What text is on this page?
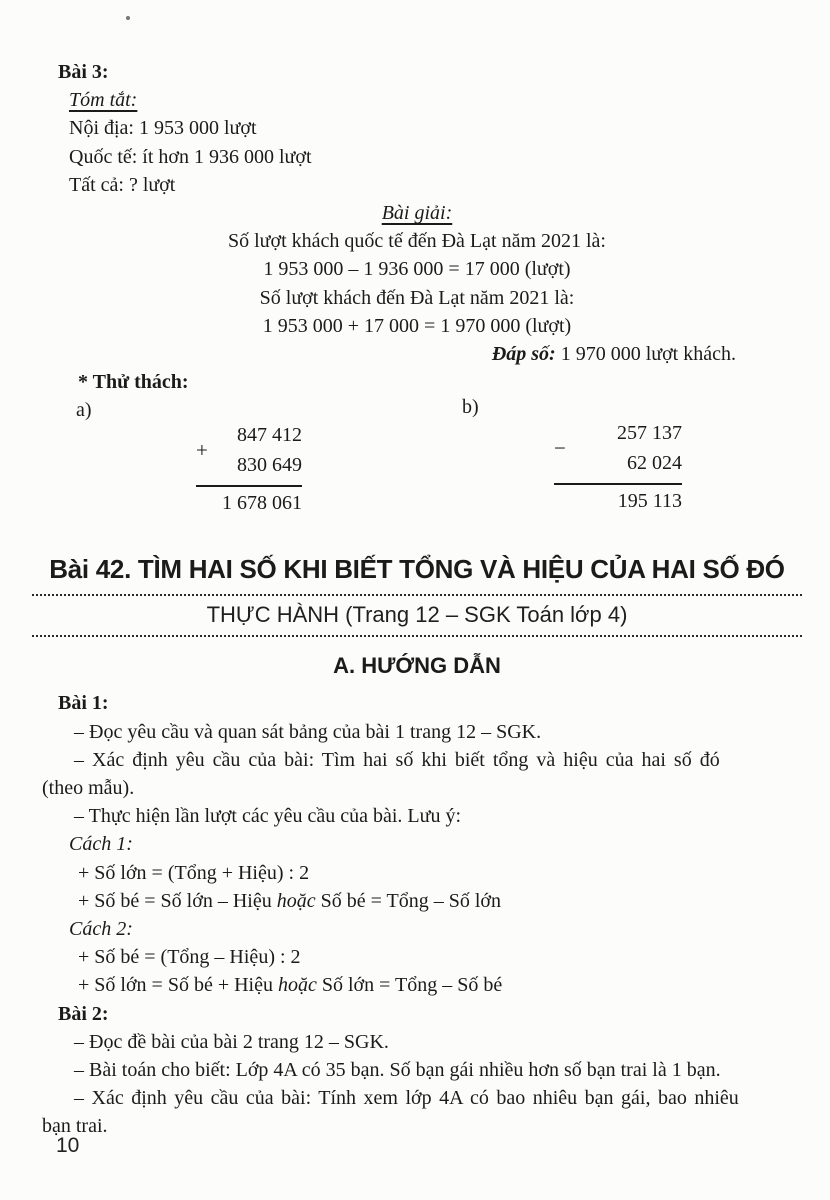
Bài 3:
Tóm tắt:
Nội địa: 1 953 000 lượt
Quốc tế: ít hơn 1 936 000 lượt
Tất cả: ? lượt
Bài giải:
Số lượt khách quốc tế đến Đà Lạt năm 2021 là:
1 953 000 – 1 936 000 = 17 000 (lượt)
Số lượt khách đến Đà Lạt năm 2021 là:
1 953 000 + 17 000 = 1 970 000 (lượt)
Đáp số: 1 970 000 lượt khách.
* Thử thách:
a)
+
847 412
830 649
1 678 061
b)
−
257 137
62 024
195 113
Bài 42. TÌM HAI SỐ KHI BIẾT TỔNG VÀ HIỆU CỦA HAI SỐ ĐÓ
THỰC HÀNH (Trang 12 – SGK Toán lớp 4)
A. HƯỚNG DẪN
Bài 1:

– Đọc yêu cầu và quan sát bảng của bài 1 trang 12 – SGK.

– Xác định yêu cầu của bài: Tìm hai số khi biết tổng và hiệu của hai số đó
(theo mẫu).

– Thực hiện lần lượt các yêu cầu của bài. Lưu ý:

Cách 1:
+ Số lớn = (Tổng + Hiệu) : 2
+ Số bé = Số lớn – Hiệu hoặc Số bé = Tổng – Số lớn
Cách 2:
+ Số bé = (Tổng – Hiệu) : 2
+ Số lớn = Số bé + Hiệu hoặc Số lớn = Tổng – Số bé
Bài 2:

– Đọc đề bài của bài 2 trang 12 – SGK.

– Bài toán cho biết: Lớp 4A có 35 bạn. Số bạn gái nhiều hơn số bạn trai là 1 bạn.

– Xác định yêu cầu của bài: Tính xem lớp 4A có bao nhiêu bạn gái, bao nhiêu
bạn trai.

10
